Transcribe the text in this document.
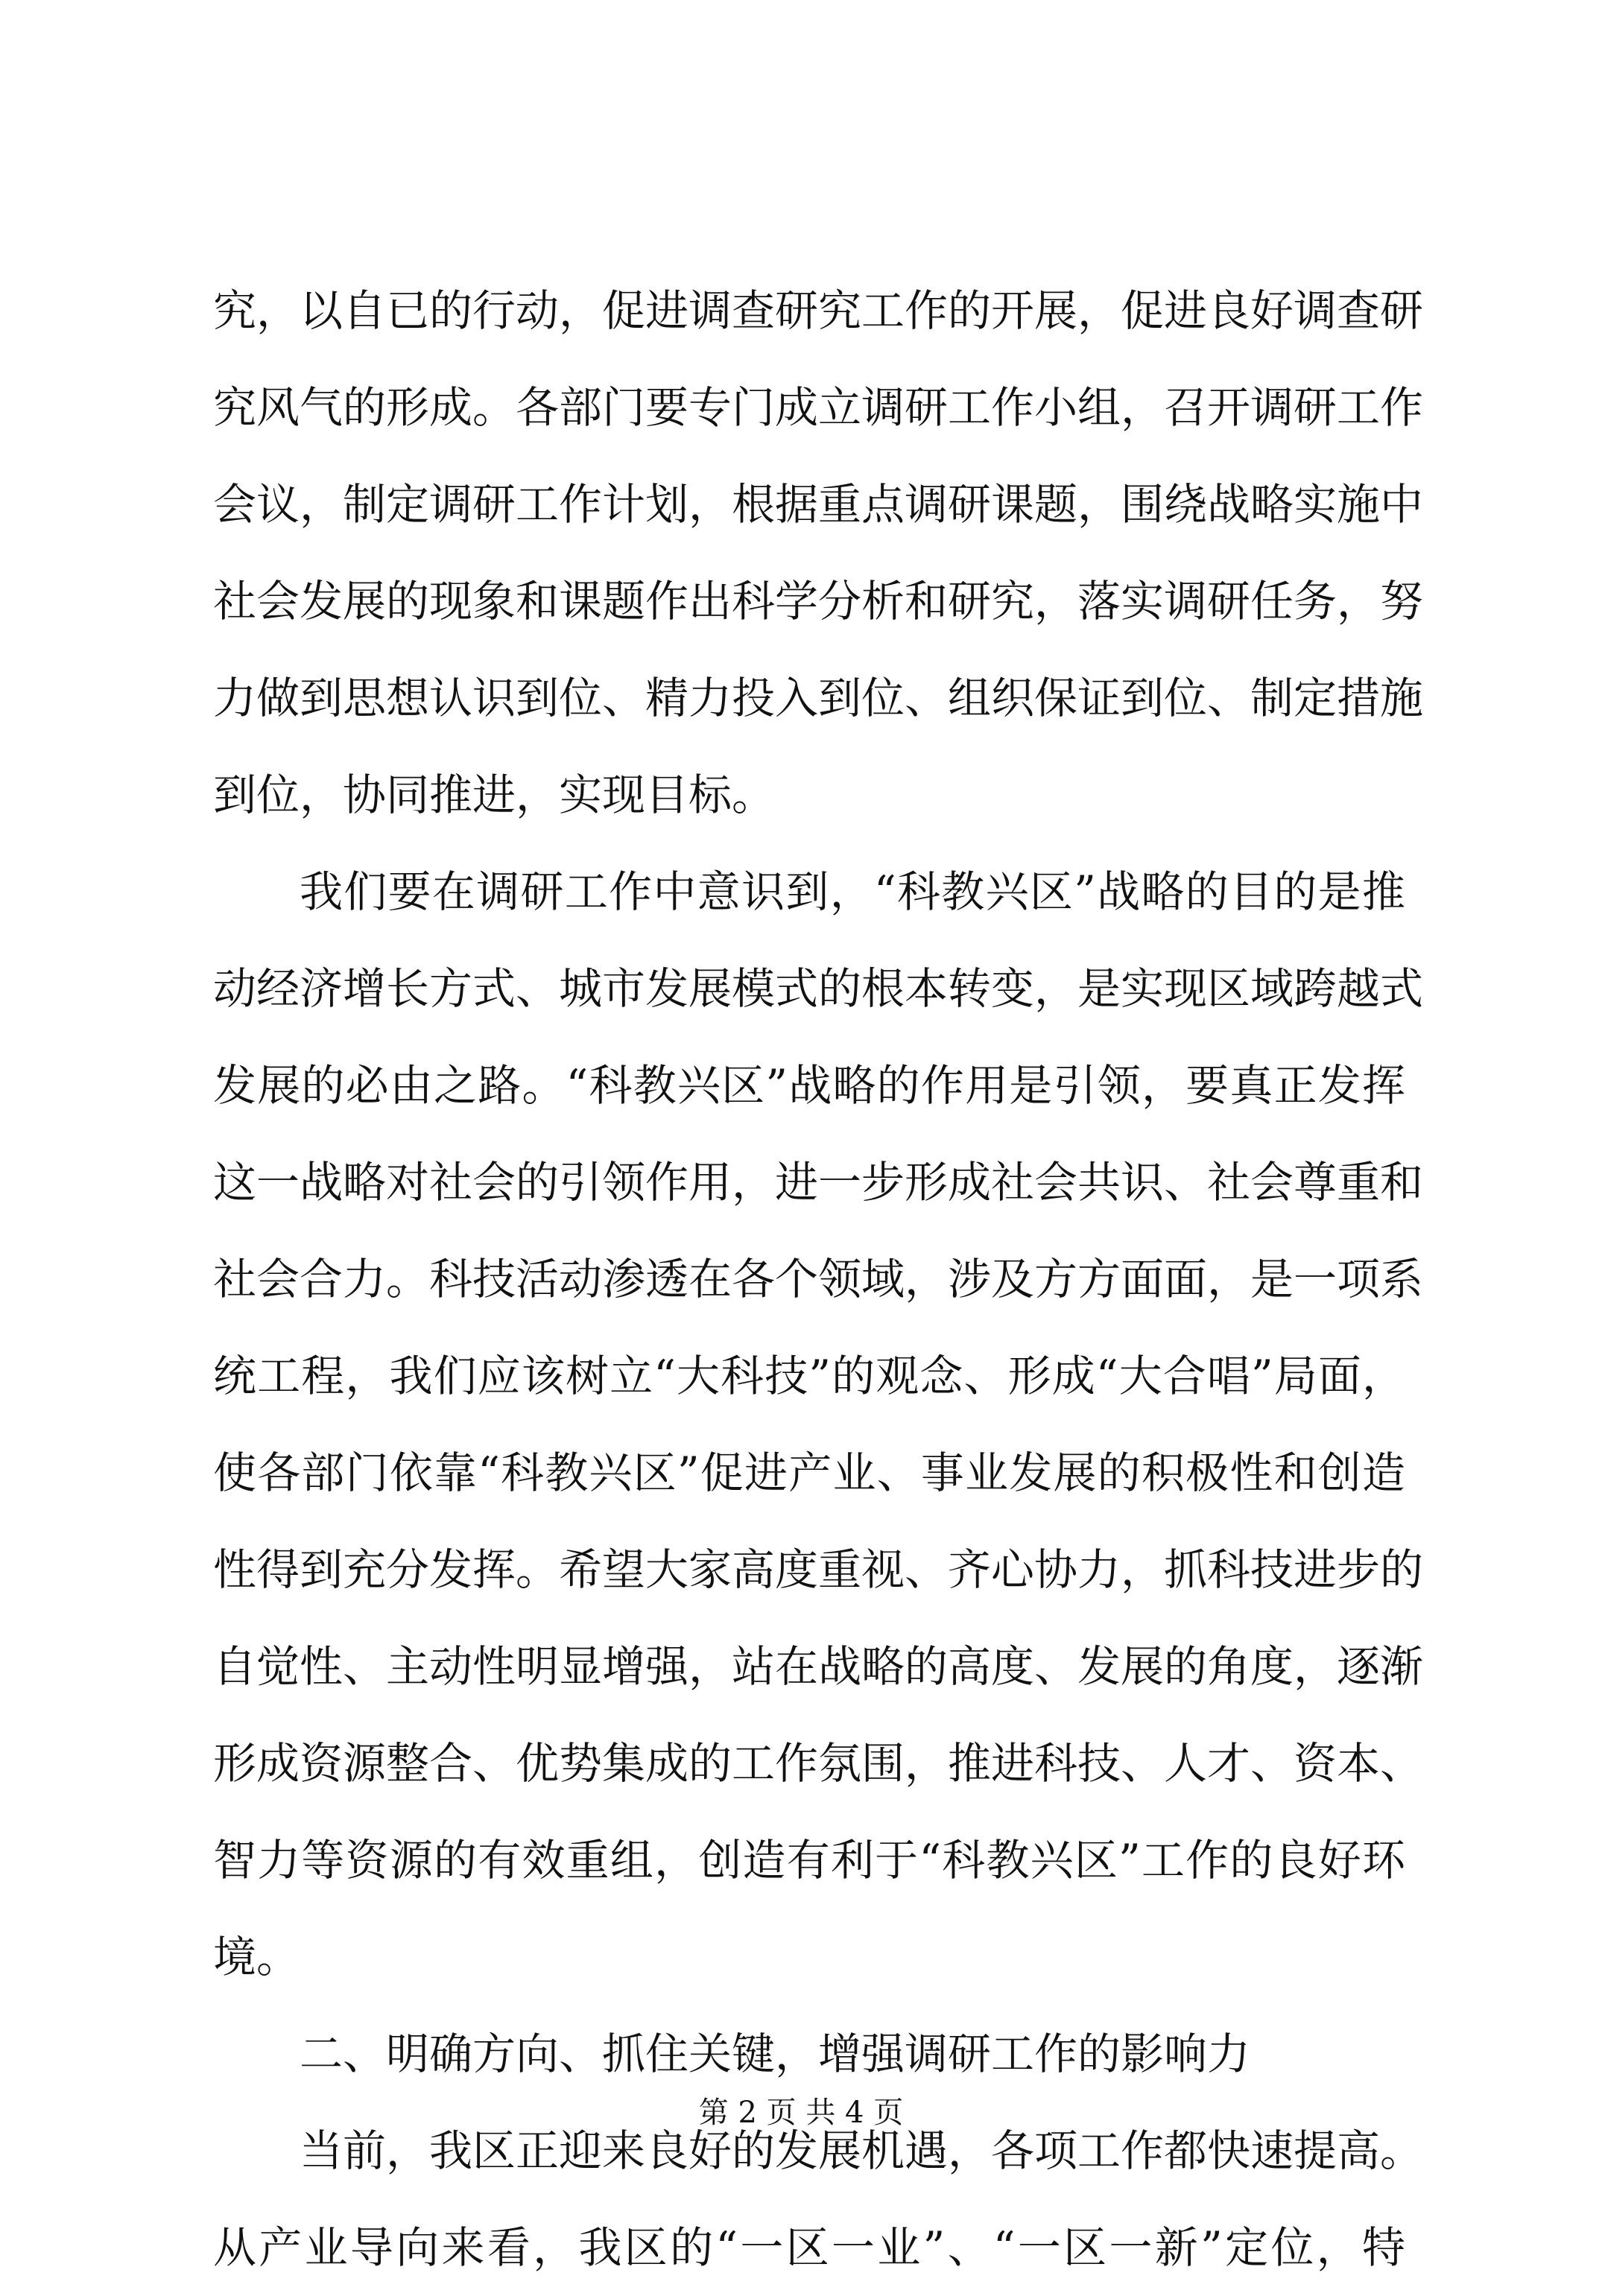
究，以自已的行动，促进调查研究工作的开展，促进良好调查研
究风气的形成。各部门要专门成立调研工作小组，召开调研工作
会议，制定调研工作计划，根据重点调研课题，围绕战略实施中
社会发展的现象和课题作出科学分析和研究，落实调研任务，努
力做到思想认识到位、精力投入到位、组织保证到位、制定措施
到位，协同推进，实现目标。
我们要在调研工作中意识到，“科教兴区”战略的目的是推
动经济增长方式、城市发展模式的根本转变，是实现区域跨越式
发展的必由之路。“科教兴区”战略的作用是引领，要真正发挥
这一战略对社会的引领作用，进一步形成社会共识、社会尊重和
社会合力。科技活动渗透在各个领域，涉及方方面面，是一项系
统工程，我们应该树立“大科技”的观念、形成“大合唱”局面，
使各部门依靠“科教兴区”促进产业、事业发展的积极性和创造
性得到充分发挥。希望大家高度重视、齐心协力，抓科技进步的
自觉性、主动性明显增强，站在战略的高度、发展的角度，逐渐
形成资源整合、优势集成的工作氛围，推进科技、人才、资本、
智力等资源的有效重组，创造有利于“科教兴区”工作的良好环
境。
二、明确方向、抓住关键，增强调研工作的影响力
当前，我区正迎来良好的发展机遇，各项工作都快速提高。
从产业导向来看，我区的“一区一业”、“一区一新”定位，特
第 2 页 共 4 页
